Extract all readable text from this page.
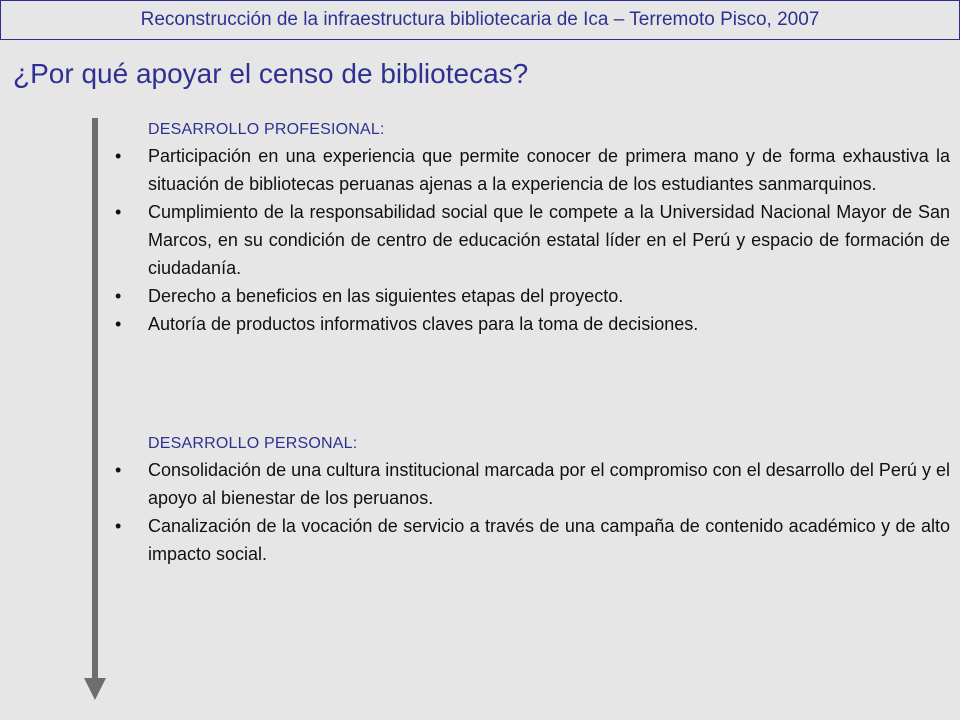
Reconstrucción de la infraestructura bibliotecaria de Ica – Terremoto Pisco, 2007
¿Por qué apoyar el censo de bibliotecas?
DESARROLLO PROFESIONAL:
• Participación en una experiencia que permite conocer de primera mano y de forma exhaustiva la situación de bibliotecas peruanas ajenas a la experiencia de los estudiantes sanmarquinos.
• Cumplimiento de la responsabilidad social que le compete a la Universidad Nacional Mayor de San Marcos, en su condición de centro de educación estatal líder en el Perú y espacio de formación de ciudadanía.
• Derecho a beneficios en las siguientes etapas del proyecto.
• Autoría de productos informativos claves para la toma de decisiones.
DESARROLLO PERSONAL:
• Consolidación de una cultura institucional marcada por el compromiso con el desarrollo del Perú y el apoyo al bienestar de los peruanos.
• Canalización de la vocación de servicio a través de una campaña de contenido académico y de alto impacto social.
